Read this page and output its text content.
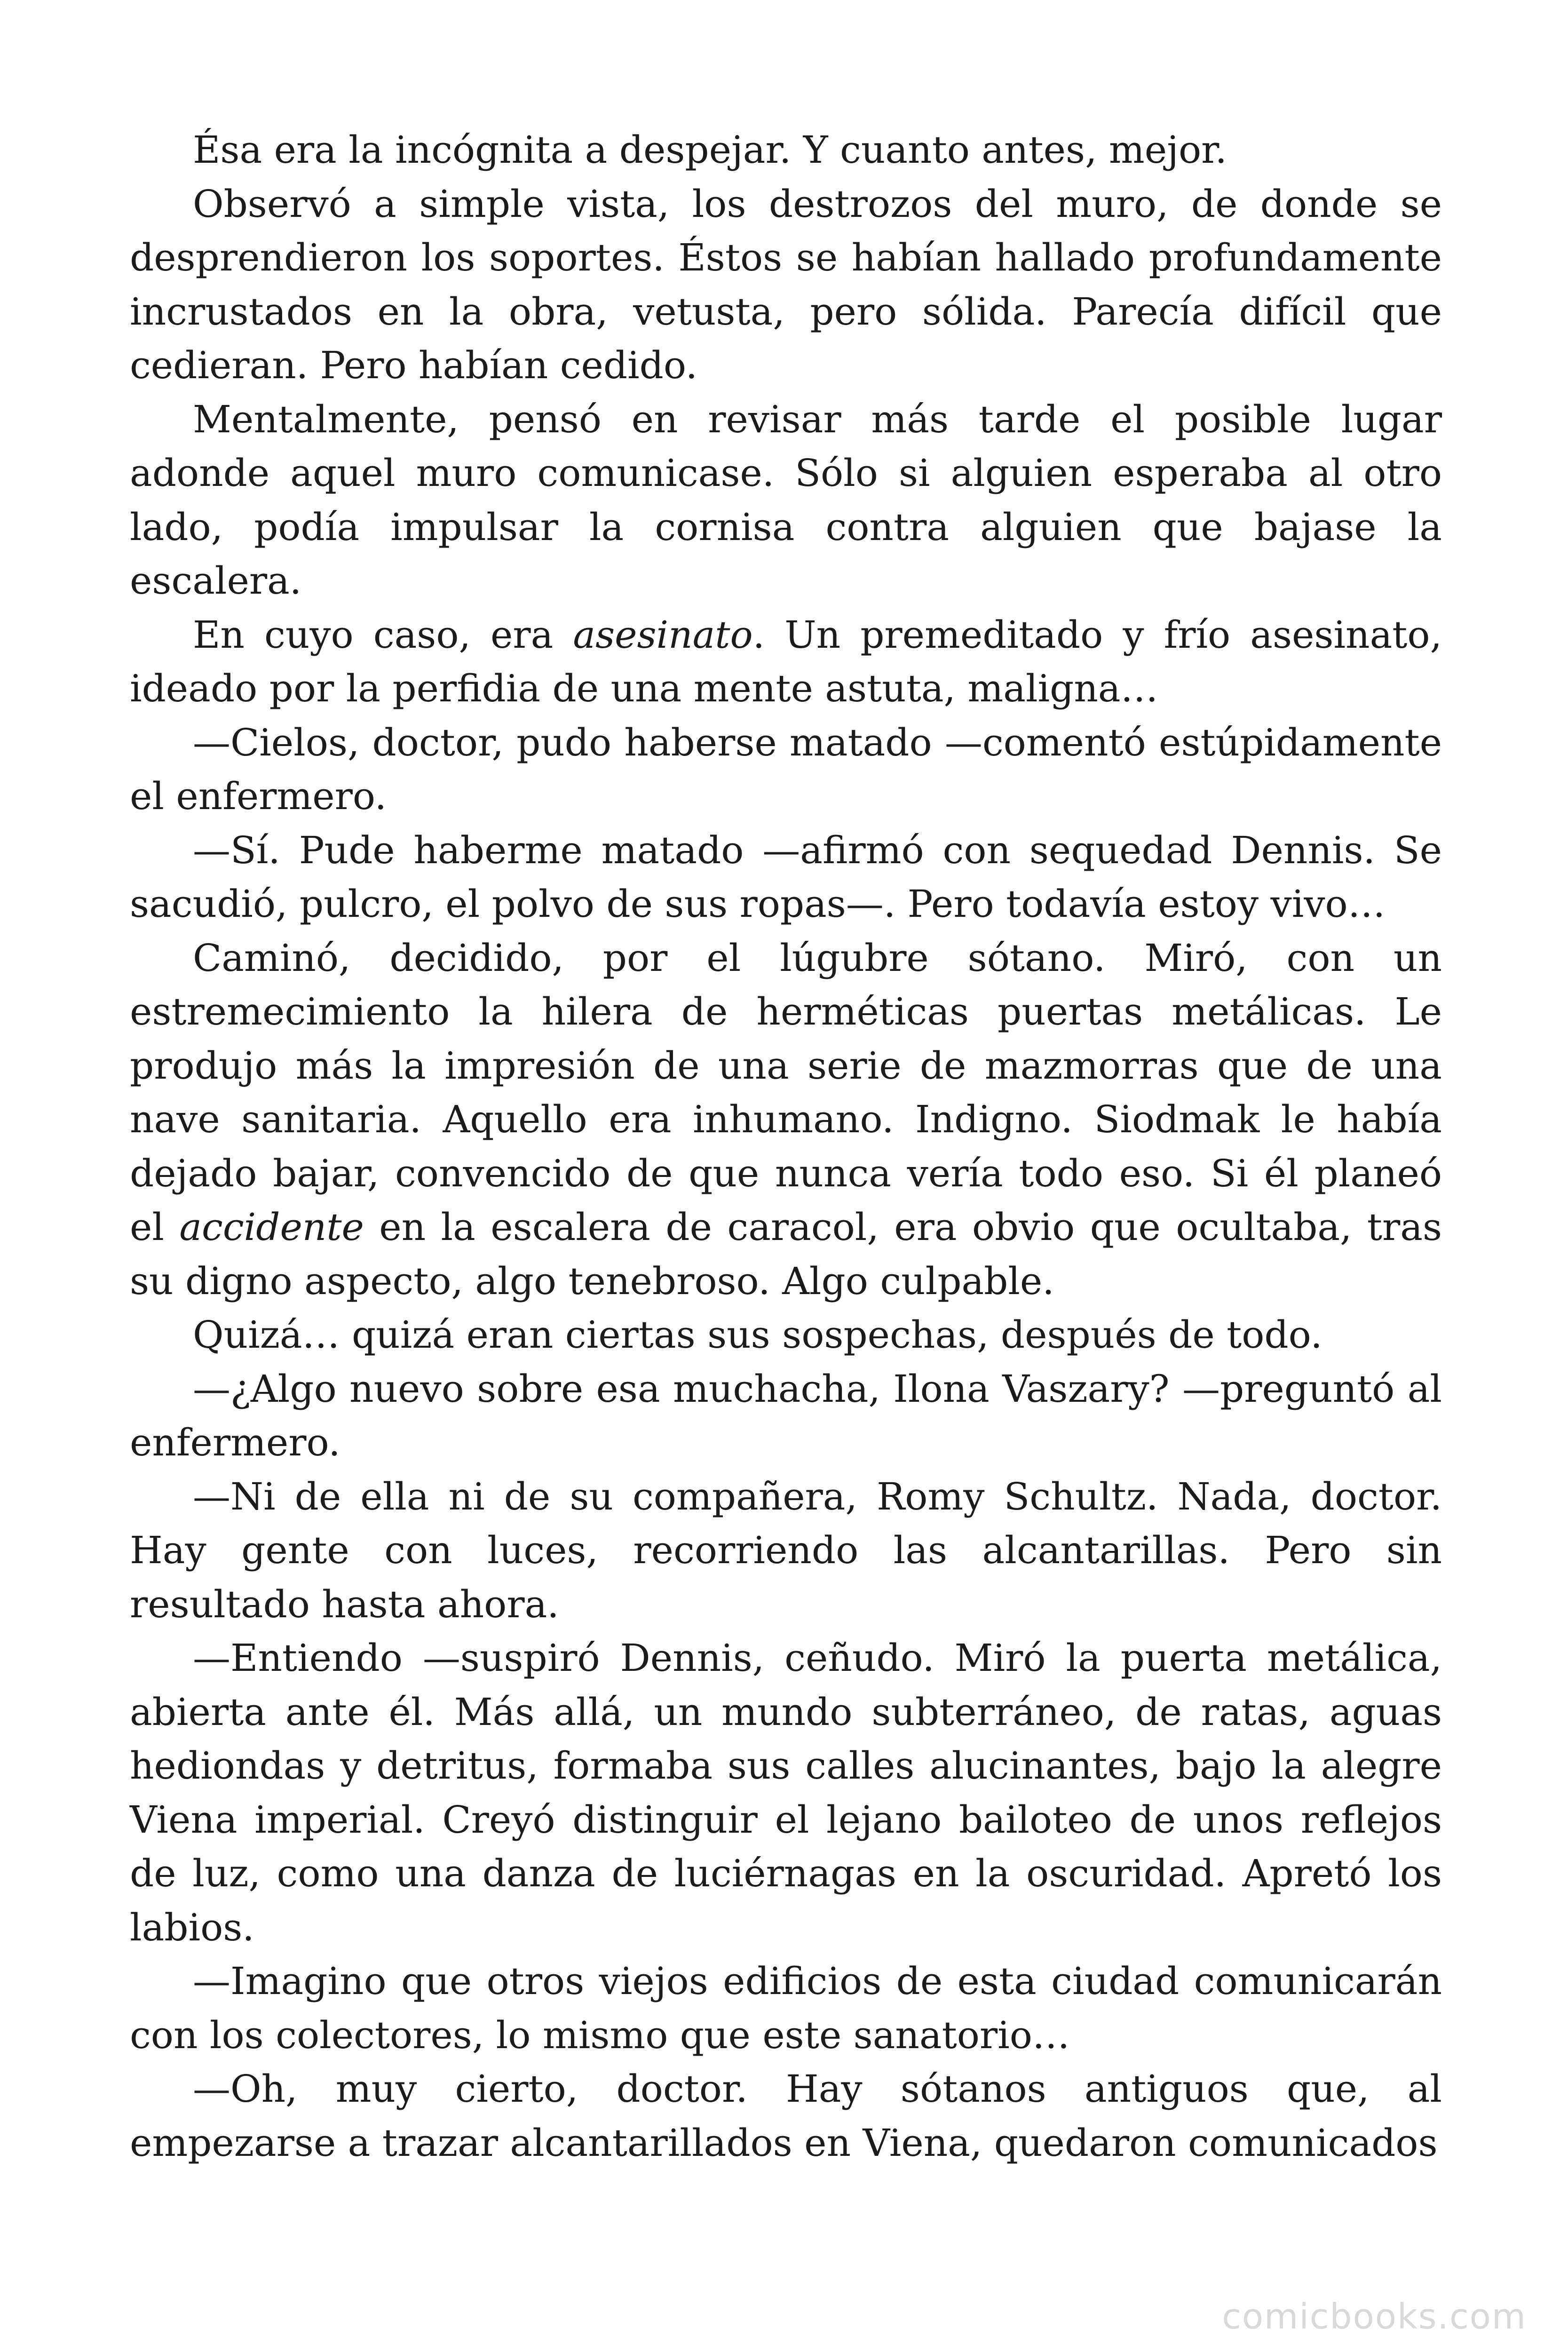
Ésa era la incógnita a despejar. Y cuanto antes, mejor.

Observó a simple vista, los destrozos del muro, de donde se desprendieron los soportes. Éstos se habían hallado profundamente incrustados en la obra, vetusta, pero sólida. Parecía difícil que cedieran. Pero habían cedido.

Mentalmente, pensó en revisar más tarde el posible lugar adonde aquel muro comunicase. Sólo si alguien esperaba al otro lado, podía impulsar la cornisa contra alguien que bajase la escalera.

En cuyo caso, era asesinato. Un premeditado y frío asesinato, ideado por la perfidia de una mente astuta, maligna…

—Cielos, doctor, pudo haberse matado —comentó estúpidamente el enfermero.

—Sí. Pude haberme matado —afirmó con sequedad Dennis. Se sacudió, pulcro, el polvo de sus ropas—. Pero todavía estoy vivo…

Caminó, decidido, por el lúgubre sótano. Miró, con un estremecimiento la hilera de herméticas puertas metálicas. Le produjo más la impresión de una serie de mazmorras que de una nave sanitaria. Aquello era inhumano. Indigno. Siodmak le había dejado bajar, convencido de que nunca vería todo eso. Si él planeó el accidente en la escalera de caracol, era obvio que ocultaba, tras su digno aspecto, algo tenebroso. Algo culpable.

Quizá… quizá eran ciertas sus sospechas, después de todo.

—¿Algo nuevo sobre esa muchacha, Ilona Vaszary? —preguntó al enfermero.

—Ni de ella ni de su compañera, Romy Schultz. Nada, doctor. Hay gente con luces, recorriendo las alcantarillas. Pero sin resultado hasta ahora.

—Entiendo —suspiró Dennis, ceñudo. Miró la puerta metálica, abierta ante él. Más allá, un mundo subterráneo, de ratas, aguas hediondas y detritus, formaba sus calles alucinantes, bajo la alegre Viena imperial. Creyó distinguir el lejano bailoteo de unos reflejos de luz, como una danza de luciérnagas en la oscuridad. Apretó los labios.

—Imagino que otros viejos edificios de esta ciudad comunicarán con los colectores, lo mismo que este sanatorio…

—Oh, muy cierto, doctor. Hay sótanos antiguos que, al empezarse a trazar alcantarillados en Viena, quedaron comunicados

comicbooks.com
